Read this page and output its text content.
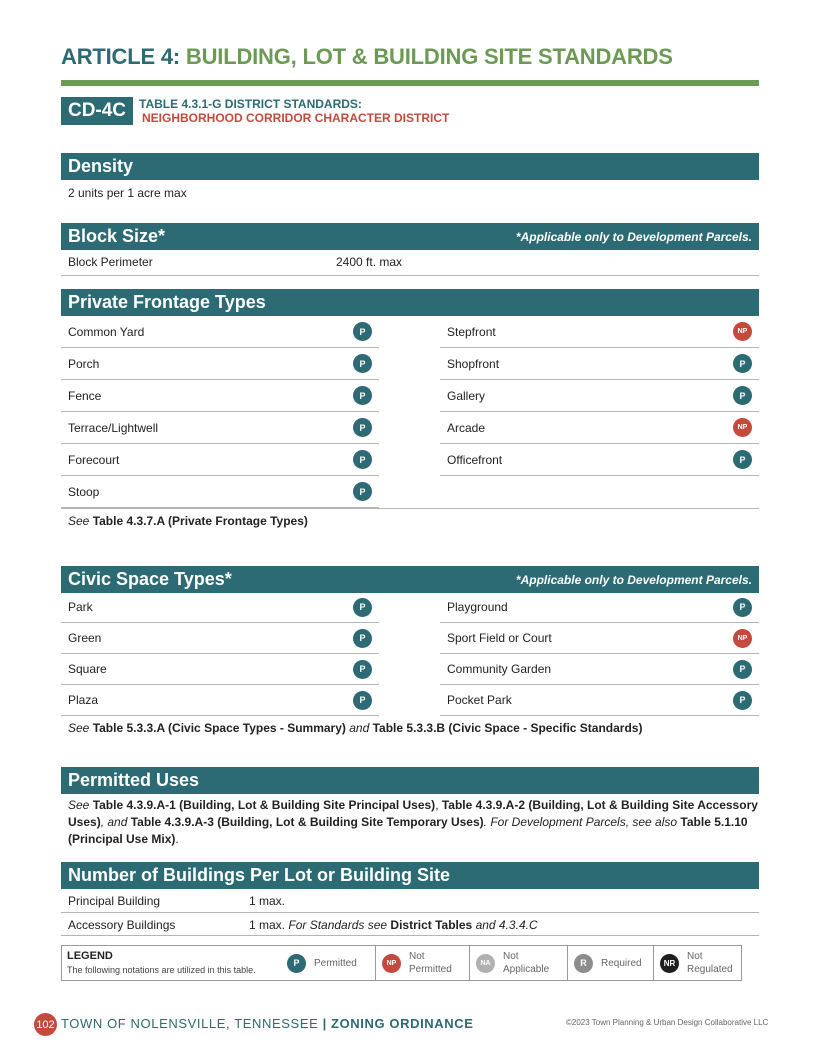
ARTICLE 4: BUILDING, LOT & BUILDING SITE STANDARDS
CD-4C	TABLE 4.3.1-G DISTRICT STANDARDS:
NEIGHBORHOOD CORRIDOR CHARACTER DISTRICT
Density
2 units per 1 acre max
Block Size*	*Applicable only to Development Parcels.
Block Perimeter	2400 ft. max
Private Frontage Types
Common Yard	P
Porch	P
Fence	P
Terrace/Lightwell	P
Forecourt	P
Stoop	P
Stepfront	NP
Shopfront	P
Gallery	P
Arcade	NP
Officefront	P
See Table 4.3.7.A (Private Frontage Types)
Civic Space Types*	*Applicable only to Development Parcels.
Park	P
Green	P
Square	P
Plaza	P
Playground	P
Sport Field or Court	NP
Community Garden	P
Pocket Park	P
See Table 5.3.3.A (Civic Space Types - Summary) and Table 5.3.3.B (Civic Space - Specific Standards)
Permitted Uses
See Table 4.3.9.A-1 (Building, Lot & Building Site Principal Uses), Table 4.3.9.A-2 (Building, Lot & Building Site Accessory Uses), and Table 4.3.9.A-3 (Building, Lot & Building Site Temporary Uses). For Development Parcels, see also Table 5.1.10 (Principal Use Mix).
Number of Buildings Per Lot or Building Site
Principal Building	1 max.
Accessory Buildings	1 max. For Standards see District Tables and 4.3.4.C
LEGEND
The following notations are utilized in this table.
P	Permitted	NP
Not Permitted
NA
Not Applicable
R	Required	NR
Not Regulated
102 TOWN OF NOLENSVILLE, TENNESSEE | ZONING ORDINANCE	©2023 Town Planning & Urban Design Collaborative LLC
